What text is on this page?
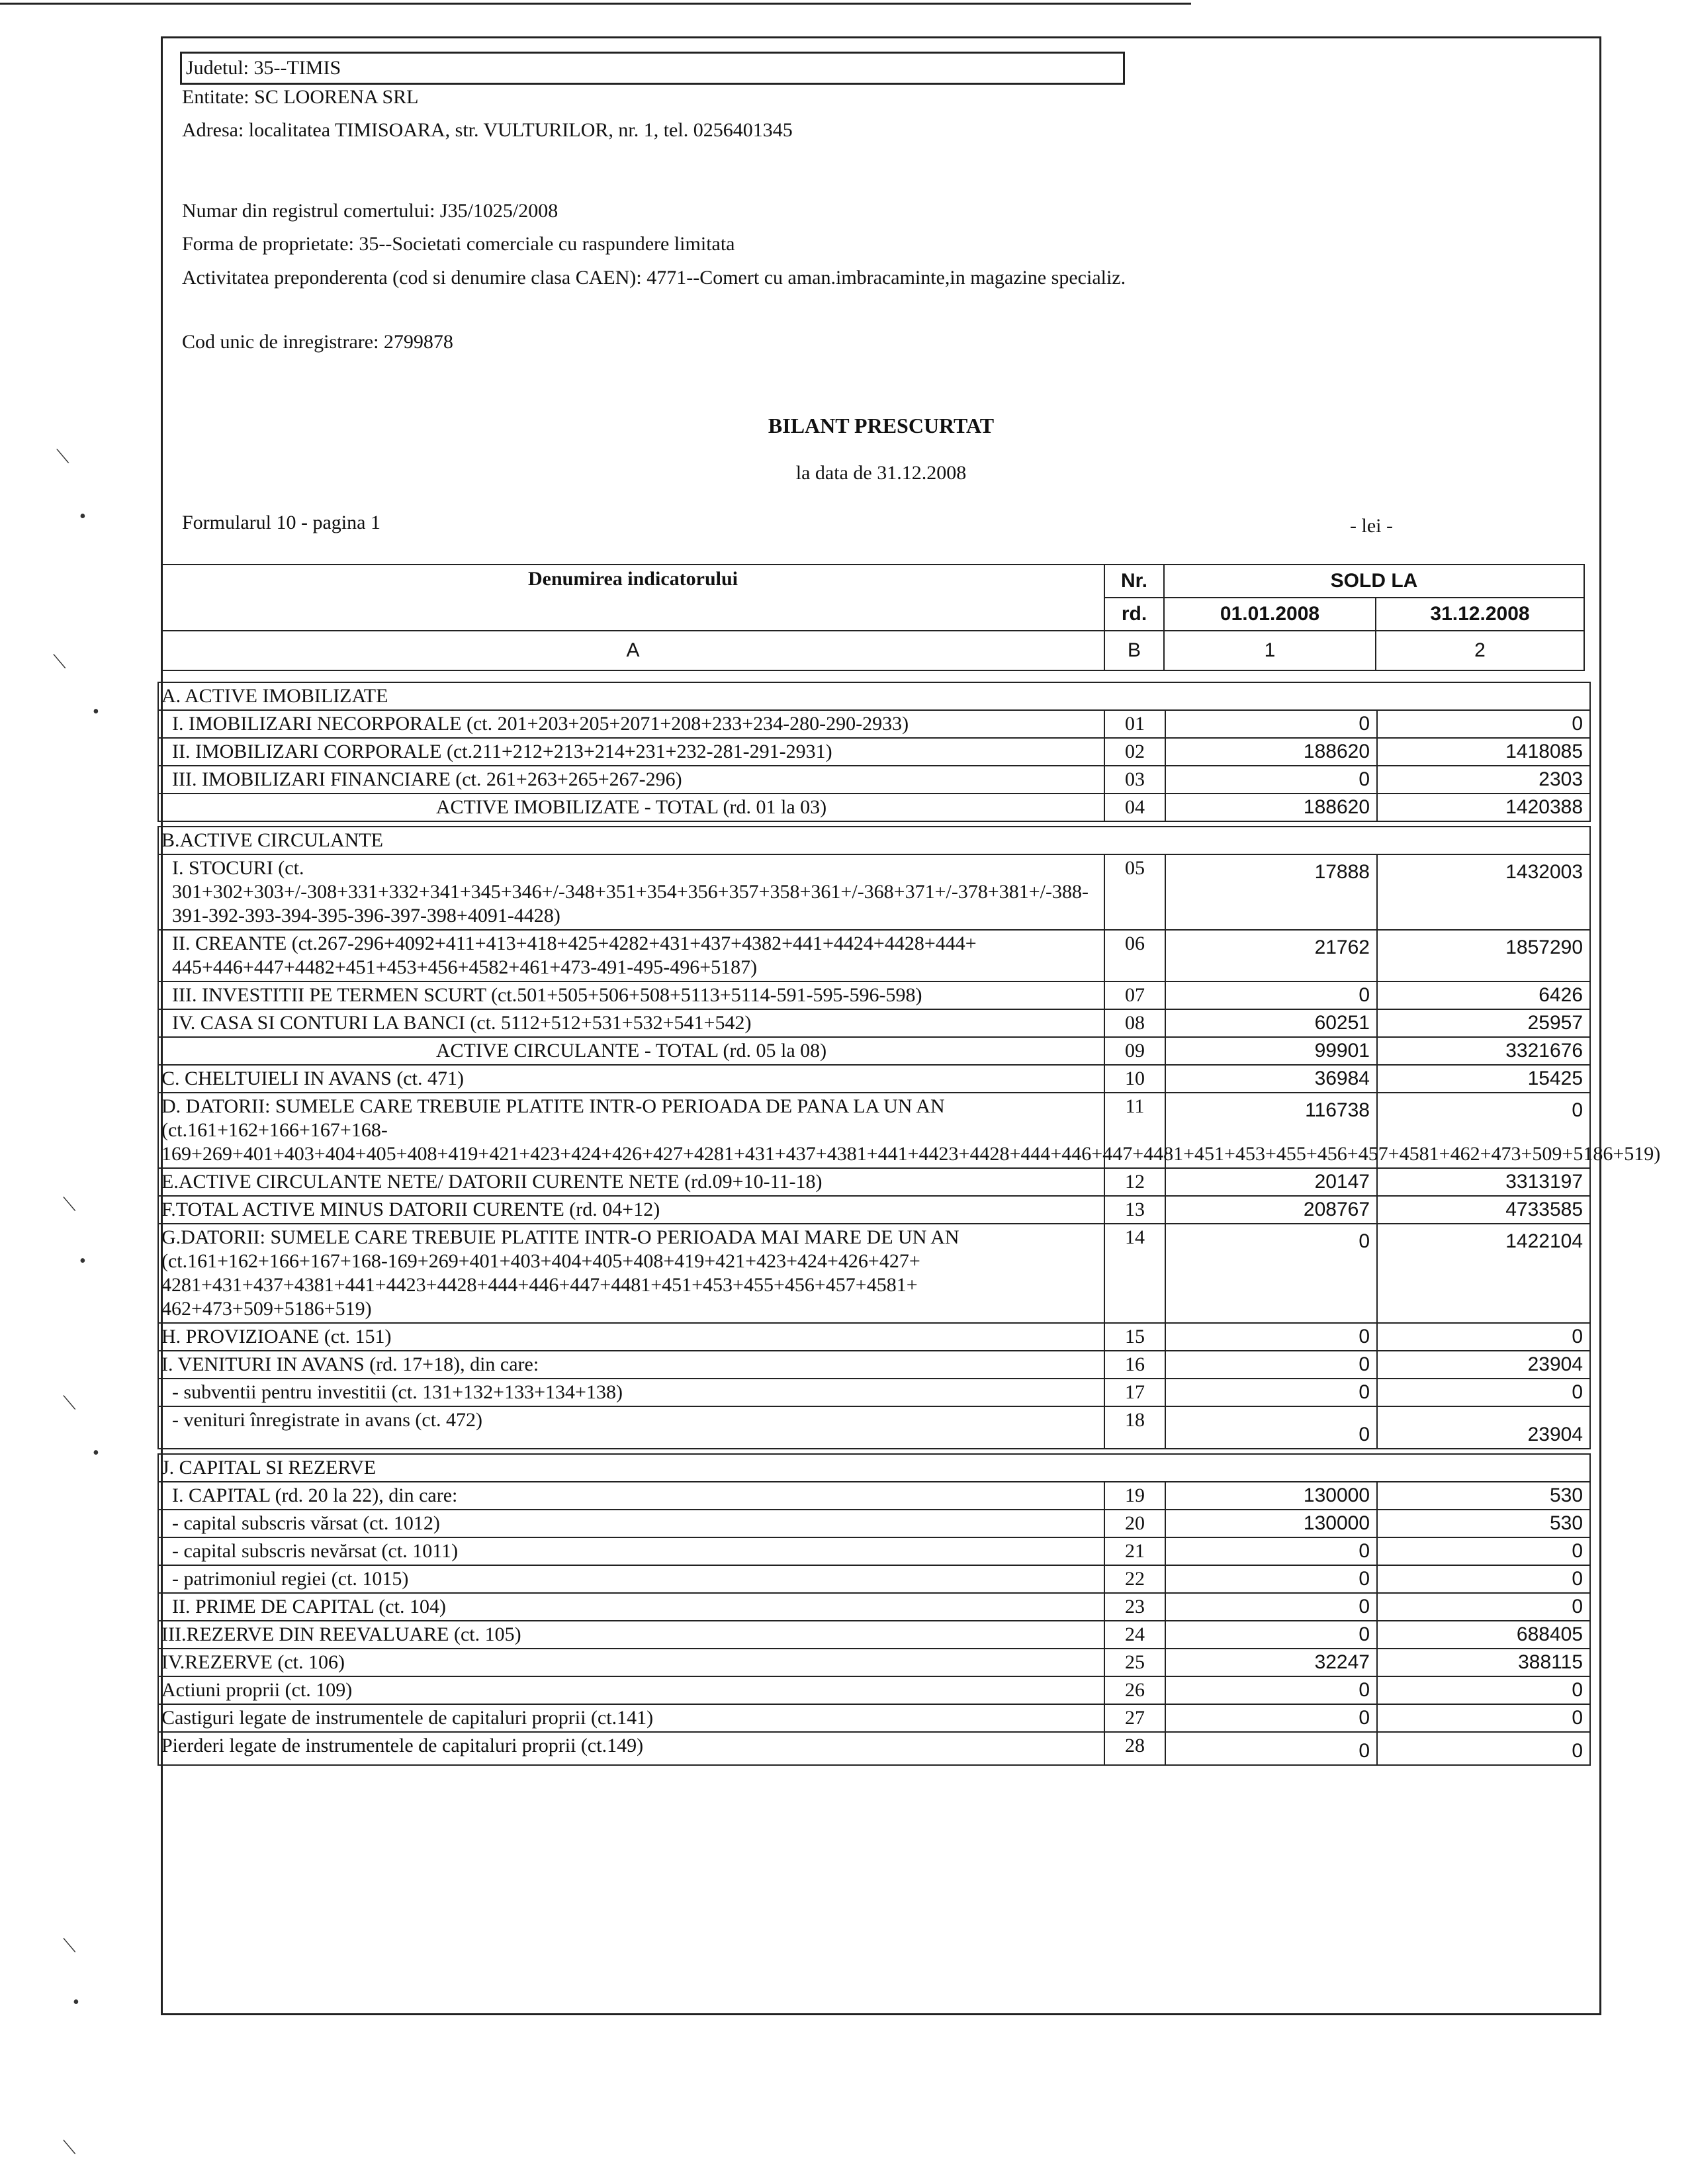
Judetul: 35--TIMIS
Entitate: SC LOORENA SRL
Adresa: localitatea TIMISOARA, str. VULTURILOR, nr. 1, tel. 0256401345
Numar din registrul comertului: J35/1025/2008
Forma de proprietate: 35--Societati comerciale cu raspundere limitata
Activitatea preponderenta (cod si denumire clasa CAEN): 4771--Comert cu aman.imbracaminte,in magazine specializ.
Cod unic de inregistrare: 2799878
BILANT PRESCURTAT
la data de 31.12.2008
Formularul 10 - pagina 1	- lei -
Denumirea indicatorului	Nr.	SOLD LA	
	rd.	01.01.2008	31.12.2008
A	B	1	2
A. ACTIVE IMOBILIZATE			
I. IMOBILIZARI NECORPORALE (ct. 201+203+205+2071+208+233+234-280-290-2933)	01	0	0
II. IMOBILIZARI CORPORALE (ct.211+212+213+214+231+232-281-291-2931)	02	188620	1418085
III. IMOBILIZARI FINANCIARE (ct. 261+263+265+267-296)	03	0	2303
ACTIVE IMOBILIZATE - TOTAL (rd. 01 la 03)	04	188620	1420388

B.ACTIVE CIRCULANTE			
I. STOCURI (ct. 301+302+303+/-308+331+332+341+345+346+/-348+351+354+356+357+358+361+/-368+371+/-378+381+/-388-391-392-393-394-395-396-397-398+4091-4428)	05	17888	1432003
II. CREANTE (ct.267-296+4092+411+413+418+425+4282+431+437+4382+441+4424+4428+444+ 445+446+447+4482+451+453+456+4582+461+473-491-495-496+5187)	06	21762	1857290
III. INVESTITII PE TERMEN SCURT (ct.501+505+506+508+5113+5114-591-595-596-598)	07	0	6426
IV. CASA SI CONTURI LA BANCI (ct. 5112+512+531+532+541+542)	08	60251	25957
ACTIVE CIRCULANTE - TOTAL (rd. 05 la 08)	09	99901	3321676
C. CHELTUIELI IN AVANS (ct. 471)	10	36984	15425
D. DATORII: SUMELE CARE TREBUIE PLATITE INTR-O PERIOADA DE PANA LA UN AN (ct.161+162+166+167+168-169+269+401+403+404+405+408+419+421+423+424+426+427+4281+431+437+4381+441+4423+4428+444+446+447+4481+451+453+455+456+457+4581+462+473+509+5186+519)	11	116738	0
E.ACTIVE CIRCULANTE NETE/ DATORII CURENTE NETE (rd.09+10-11-18)	12	20147	3313197
F.TOTAL ACTIVE MINUS DATORII CURENTE (rd. 04+12)	13	208767	4733585
G.DATORII: SUMELE CARE TREBUIE PLATITE INTR-O PERIOADA MAI MARE DE UN AN (ct.161+162+166+167+168-169+269+401+403+404+405+408+419+421+423+424+426+427+ 4281+431+437+4381+441+4423+4428+444+446+447+4481+451+453+455+456+457+4581+ 462+473+509+5186+519)	14	0	1422104
H. PROVIZIOANE (ct. 151)	15	0	0
I. VENITURI IN AVANS (rd. 17+18), din care:	16	0	23904
- subventii pentru investitii (ct. 131+132+133+134+138)	17	0	0
- venituri înregistrate in avans (ct. 472)	18	0	23904

J. CAPITAL SI REZERVE			
I. CAPITAL (rd. 20 la 22), din care:	19	130000	530
- capital subscris vărsat (ct. 1012)	20	130000	530
- capital subscris nevărsat (ct. 1011)	21	0	0
- patrimoniul regiei (ct. 1015)	22	0	0
II. PRIME DE CAPITAL (ct. 104)	23	0	0
III.REZERVE DIN REEVALUARE (ct. 105)	24	0	688405
IV.REZERVE (ct. 106)	25	32247	388115
Actiuni proprii (ct. 109)	26	0	0
Castiguri legate de instrumentele de capitaluri proprii (ct.141)	27	0	0
Pierderi legate de instrumentele de capitaluri proprii (ct.149)	28	0	0
⟍
•
⟍
•
⟍
•
⟍
•
⟍
•
⟍
